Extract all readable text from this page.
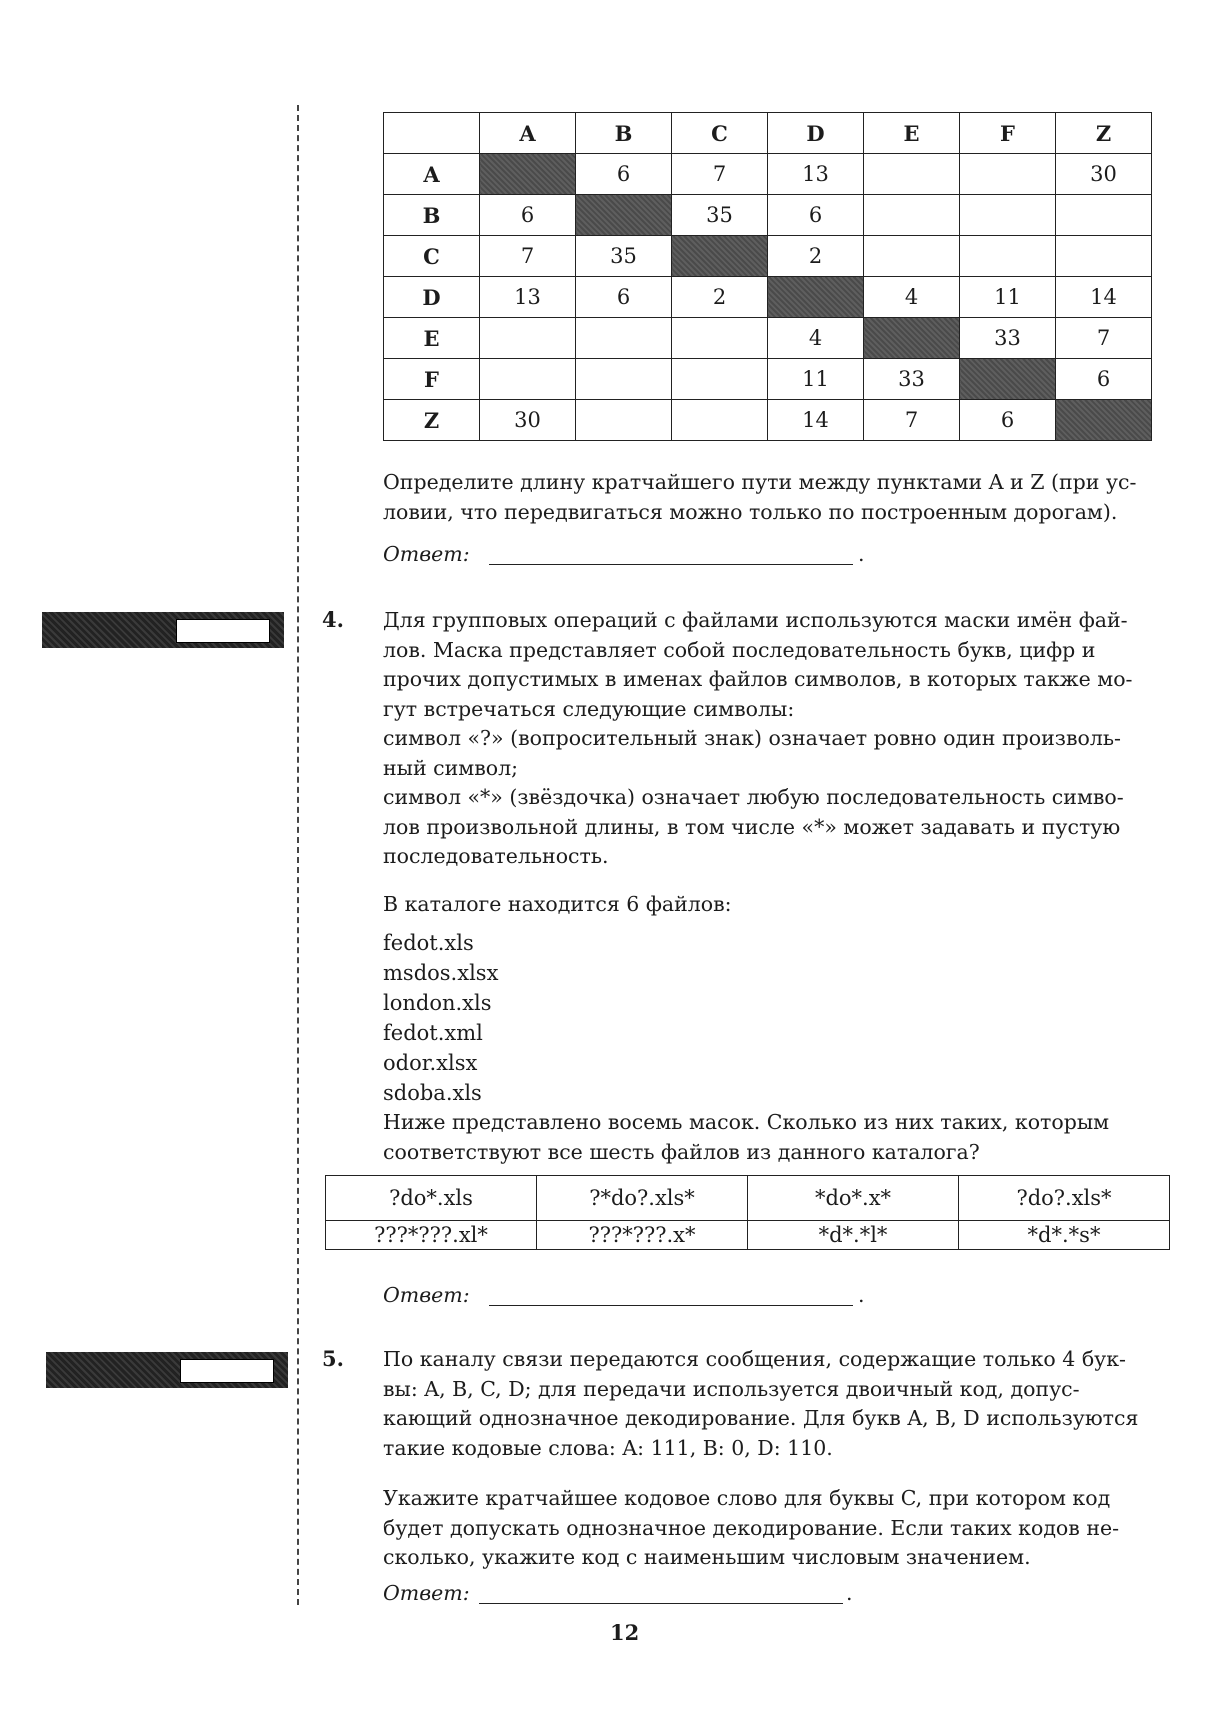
	A	B	C	D	E	F	Z
A		6	7	13			30
B	6		35	6			
C	7	35		2			
D	13	6	2		4	11	14
E				4		33	7
F				11	33		6
Z	30			14	7	6	
Определите длину кратчайшего пути между пунктами A и Z (при ус-
ловии, что передвигаться можно только по построенным дорогам).
Ответ:	.
4. Для групповых операций с файлами используются маски имён фай-
лов. Маска представляет собой последовательность букв, цифр и
прочих допустимых в именах файлов символов, в которых также мо-
гут встречаться следующие символы:
символ «?» (вопросительный знак) означает ровно один произволь-
ный символ;
символ «*» (звёздочка) означает любую последовательность симво-
лов произвольной длины, в том числе «*» может задавать и пустую
последовательность.
В каталоге находится 6 файлов:
fedot.xls
msdos.xlsx
london.xls
fedot.xml
odor.xlsx
sdoba.xls
Ниже представлено восемь масок. Сколько из них таких, которым
соответствуют все шесть файлов из данного каталога?
?do*.xls	?*do?.xls*	*do*.x*	?do?.xls*
???*???.xl*	???*???.x*	*d*.*l*	*d*.*s*
Ответ:	.
5. По каналу связи передаются сообщения, содержащие только 4 бук-
вы: A, B, C, D; для передачи используется двоичный код, допус-
кающий однозначное декодирование. Для букв A, B, D используются
такие кодовые слова: A: 111, B: 0, D: 110.
Укажите кратчайшее кодовое слово для буквы C, при котором код
будет допускать однозначное декодирование. Если таких кодов не-
сколько, укажите код с наименьшим числовым значением.
Ответ:	.
12
